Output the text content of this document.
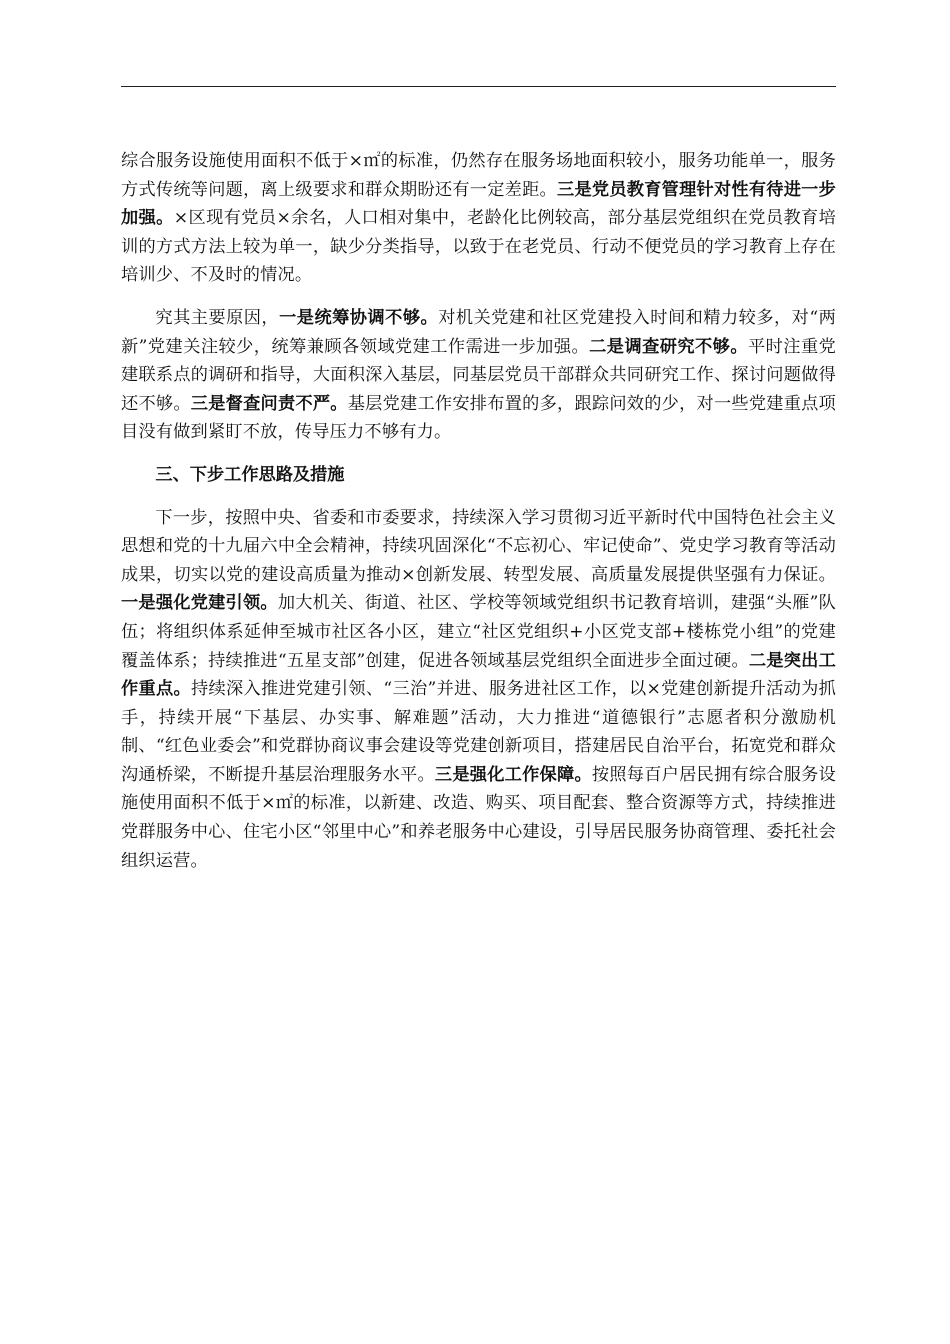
综合服务设施使用面积不低于×㎡的标准，仍然存在服务场地面积较小，服务功能单一，服务方式传统等问题，离上级要求和群众期盼还有一定差距。三是党员教育管理针对性有待进一步加强。×区现有党员×余名，人口相对集中，老龄化比例较高，部分基层党组织在党员教育培训的方式方法上较为单一，缺少分类指导，以致于在老党员、行动不便党员的学习教育上存在培训少、不及时的情况。

究其主要原因，一是统筹协调不够。对机关党建和社区党建投入时间和精力较多，对“两新”党建关注较少，统筹兼顾各领域党建工作需进一步加强。二是调查研究不够。平时注重党建联系点的调研和指导，大面积深入基层，同基层党员干部群众共同研究工作、探讨问题做得还不够。三是督查问责不严。基层党建工作安排布置的多，跟踪问效的少，对一些党建重点项目没有做到紧盯不放，传导压力不够有力。

三、下步工作思路及措施

下一步，按照中央、省委和市委要求，持续深入学习贯彻习近平新时代中国特色社会主义思想和党的十九届六中全会精神，持续巩固深化“不忘初心、牢记使命”、党史学习教育等活动成果，切实以党的建设高质量为推动×创新发展、转型发展、高质量发展提供坚强有力保证。一是强化党建引领。加大机关、街道、社区、学校等领域党组织书记教育培训，建强“头雁”队伍；将组织体系延伸至城市社区各小区，建立“社区党组织+小区党支部+楼栋党小组”的党建覆盖体系；持续推进“五星支部”创建，促进各领域基层党组织全面进步全面过硬。二是突出工作重点。持续深入推进党建引领、“三治”并进、服务进社区工作，以×党建创新提升活动为抓手，持续开展“下基层、办实事、解难题”活动，大力推进“道德银行”志愿者积分激励机制、“红色业委会”和党群协商议事会建设等党建创新项目，搭建居民自治平台，拓宽党和群众沟通桥梁，不断提升基层治理服务水平。三是强化工作保障。按照每百户居民拥有综合服务设施使用面积不低于×㎡的标准，以新建、改造、购买、项目配套、整合资源等方式，持续推进党群服务中心、住宅小区“邻里中心”和养老服务中心建设，引导居民服务协商管理、委托社会组织运营。
